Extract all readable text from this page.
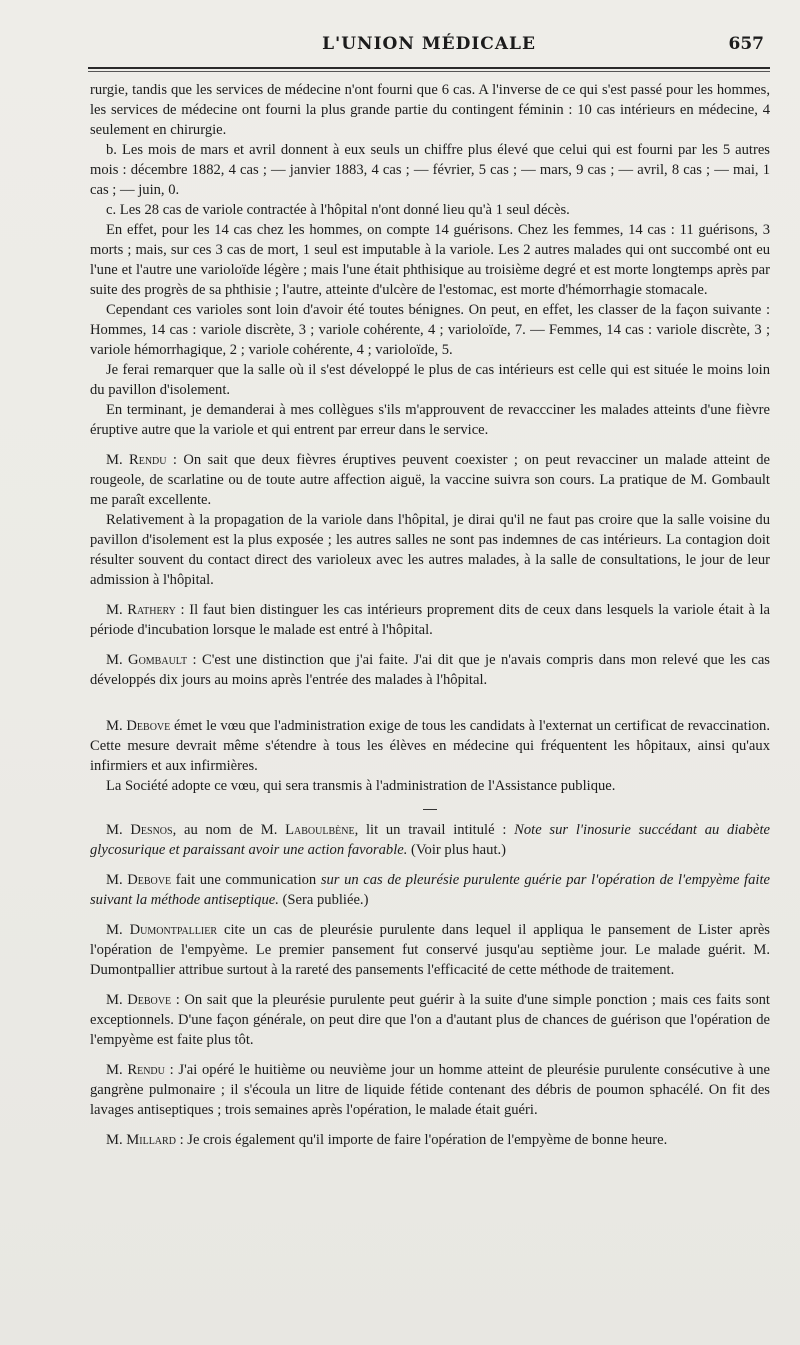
L'UNION MÉDICALE	657

rurgie, tandis que les services de médecine n'ont fourni que 6 cas. A l'inverse de ce qui s'est passé pour les hommes, les services de médecine ont fourni la plus grande partie du contingent féminin : 10 cas intérieurs en médecine, 4 seulement en chirurgie.

b. Les mois de mars et avril donnent à eux seuls un chiffre plus élevé que celui qui est fourni par les 5 autres mois : décembre 1882, 4 cas ; — janvier 1883, 4 cas ; — février, 5 cas ; — mars, 9 cas ; — avril, 8 cas ; — mai, 1 cas ; — juin, 0.

c. Les 28 cas de variole contractée à l'hôpital n'ont donné lieu qu'à 1 seul décès.

En effet, pour les 14 cas chez les hommes, on compte 14 guérisons. Chez les femmes, 14 cas : 11 guérisons, 3 morts ; mais, sur ces 3 cas de mort, 1 seul est imputable à la variole. Les 2 autres malades qui ont succombé ont eu l'une et l'autre une varioloïde légère ; mais l'une était phthisique au troisième degré et est morte longtemps après par suite des progrès de sa phthisie ; l'autre, atteinte d'ulcère de l'estomac, est morte d'hémorrhagie stomacale.

Cependant ces varioles sont loin d'avoir été toutes bénignes. On peut, en effet, les classer de la façon suivante : Hommes, 14 cas : variole discrète, 3 ; variole cohérente, 4 ; varioloïde, 7. — Femmes, 14 cas : variole discrète, 3 ; variole hémorrhagique, 2 ; variole cohérente, 4 ; varioloïde, 5.

Je ferai remarquer que la salle où il s'est développé le plus de cas intérieurs est celle qui est située le moins loin du pavillon d'isolement.

En terminant, je demanderai à mes collègues s'ils m'approuvent de revaccciner les malades atteints d'une fièvre éruptive autre que la variole et qui entrent par erreur dans le service.

M. Rendu : On sait que deux fièvres éruptives peuvent coexister ; on peut revacciner un malade atteint de rougeole, de scarlatine ou de toute autre affection aiguë, la vaccine suivra son cours. La pratique de M. Gombault me paraît excellente.

Relativement à la propagation de la variole dans l'hôpital, je dirai qu'il ne faut pas croire que la salle voisine du pavillon d'isolement est la plus exposée ; les autres salles ne sont pas indemnes de cas intérieurs. La contagion doit résulter souvent du contact direct des varioleux avec les autres malades, à la salle de consultations, le jour de leur admission à l'hôpital.

M. Rathery : Il faut bien distinguer les cas intérieurs proprement dits de ceux dans lesquels la variole était à la période d'incubation lorsque le malade est entré à l'hôpital.

M. Gombault : C'est une distinction que j'ai faite. J'ai dit que je n'avais compris dans mon relevé que les cas développés dix jours au moins après l'entrée des malades à l'hôpital.

M. Debove émet le vœu que l'administration exige de tous les candidats à l'externat un certificat de revaccination. Cette mesure devrait même s'étendre à tous les élèves en médecine qui fréquentent les hôpitaux, ainsi qu'aux infirmiers et aux infirmières.

La Société adopte ce vœu, qui sera transmis à l'administration de l'Assistance publique.

M. Desnos, au nom de M. Laboulbène, lit un travail intitulé : Note sur l'inosurie succédant au diabète glycosurique et paraissant avoir une action favorable. (Voir plus haut.)

M. Debove fait une communication sur un cas de pleurésie purulente guérie par l'opération de l'empyème faite suivant la méthode antiseptique. (Sera publiée.)

M. Dumontpallier cite un cas de pleurésie purulente dans lequel il appliqua le pansement de Lister après l'opération de l'empyème. Le premier pansement fut conservé jusqu'au septième jour. Le malade guérit. M. Dumontpallier attribue surtout à la rareté des pansements l'efficacité de cette méthode de traitement.

M. Debove : On sait que la pleurésie purulente peut guérir à la suite d'une simple ponction ; mais ces faits sont exceptionnels. D'une façon générale, on peut dire que l'on a d'autant plus de chances de guérison que l'opération de l'empyème est faite plus tôt.

M. Rendu : J'ai opéré le huitième ou neuvième jour un homme atteint de pleurésie purulente consécutive à une gangrène pulmonaire ; il s'écoula un litre de liquide fétide contenant des débris de poumon sphacélé. On fit des lavages antiseptiques ; trois semaines après l'opération, le malade était guéri.

M. Millard : Je crois également qu'il importe de faire l'opération de l'empyème de bonne heure.
